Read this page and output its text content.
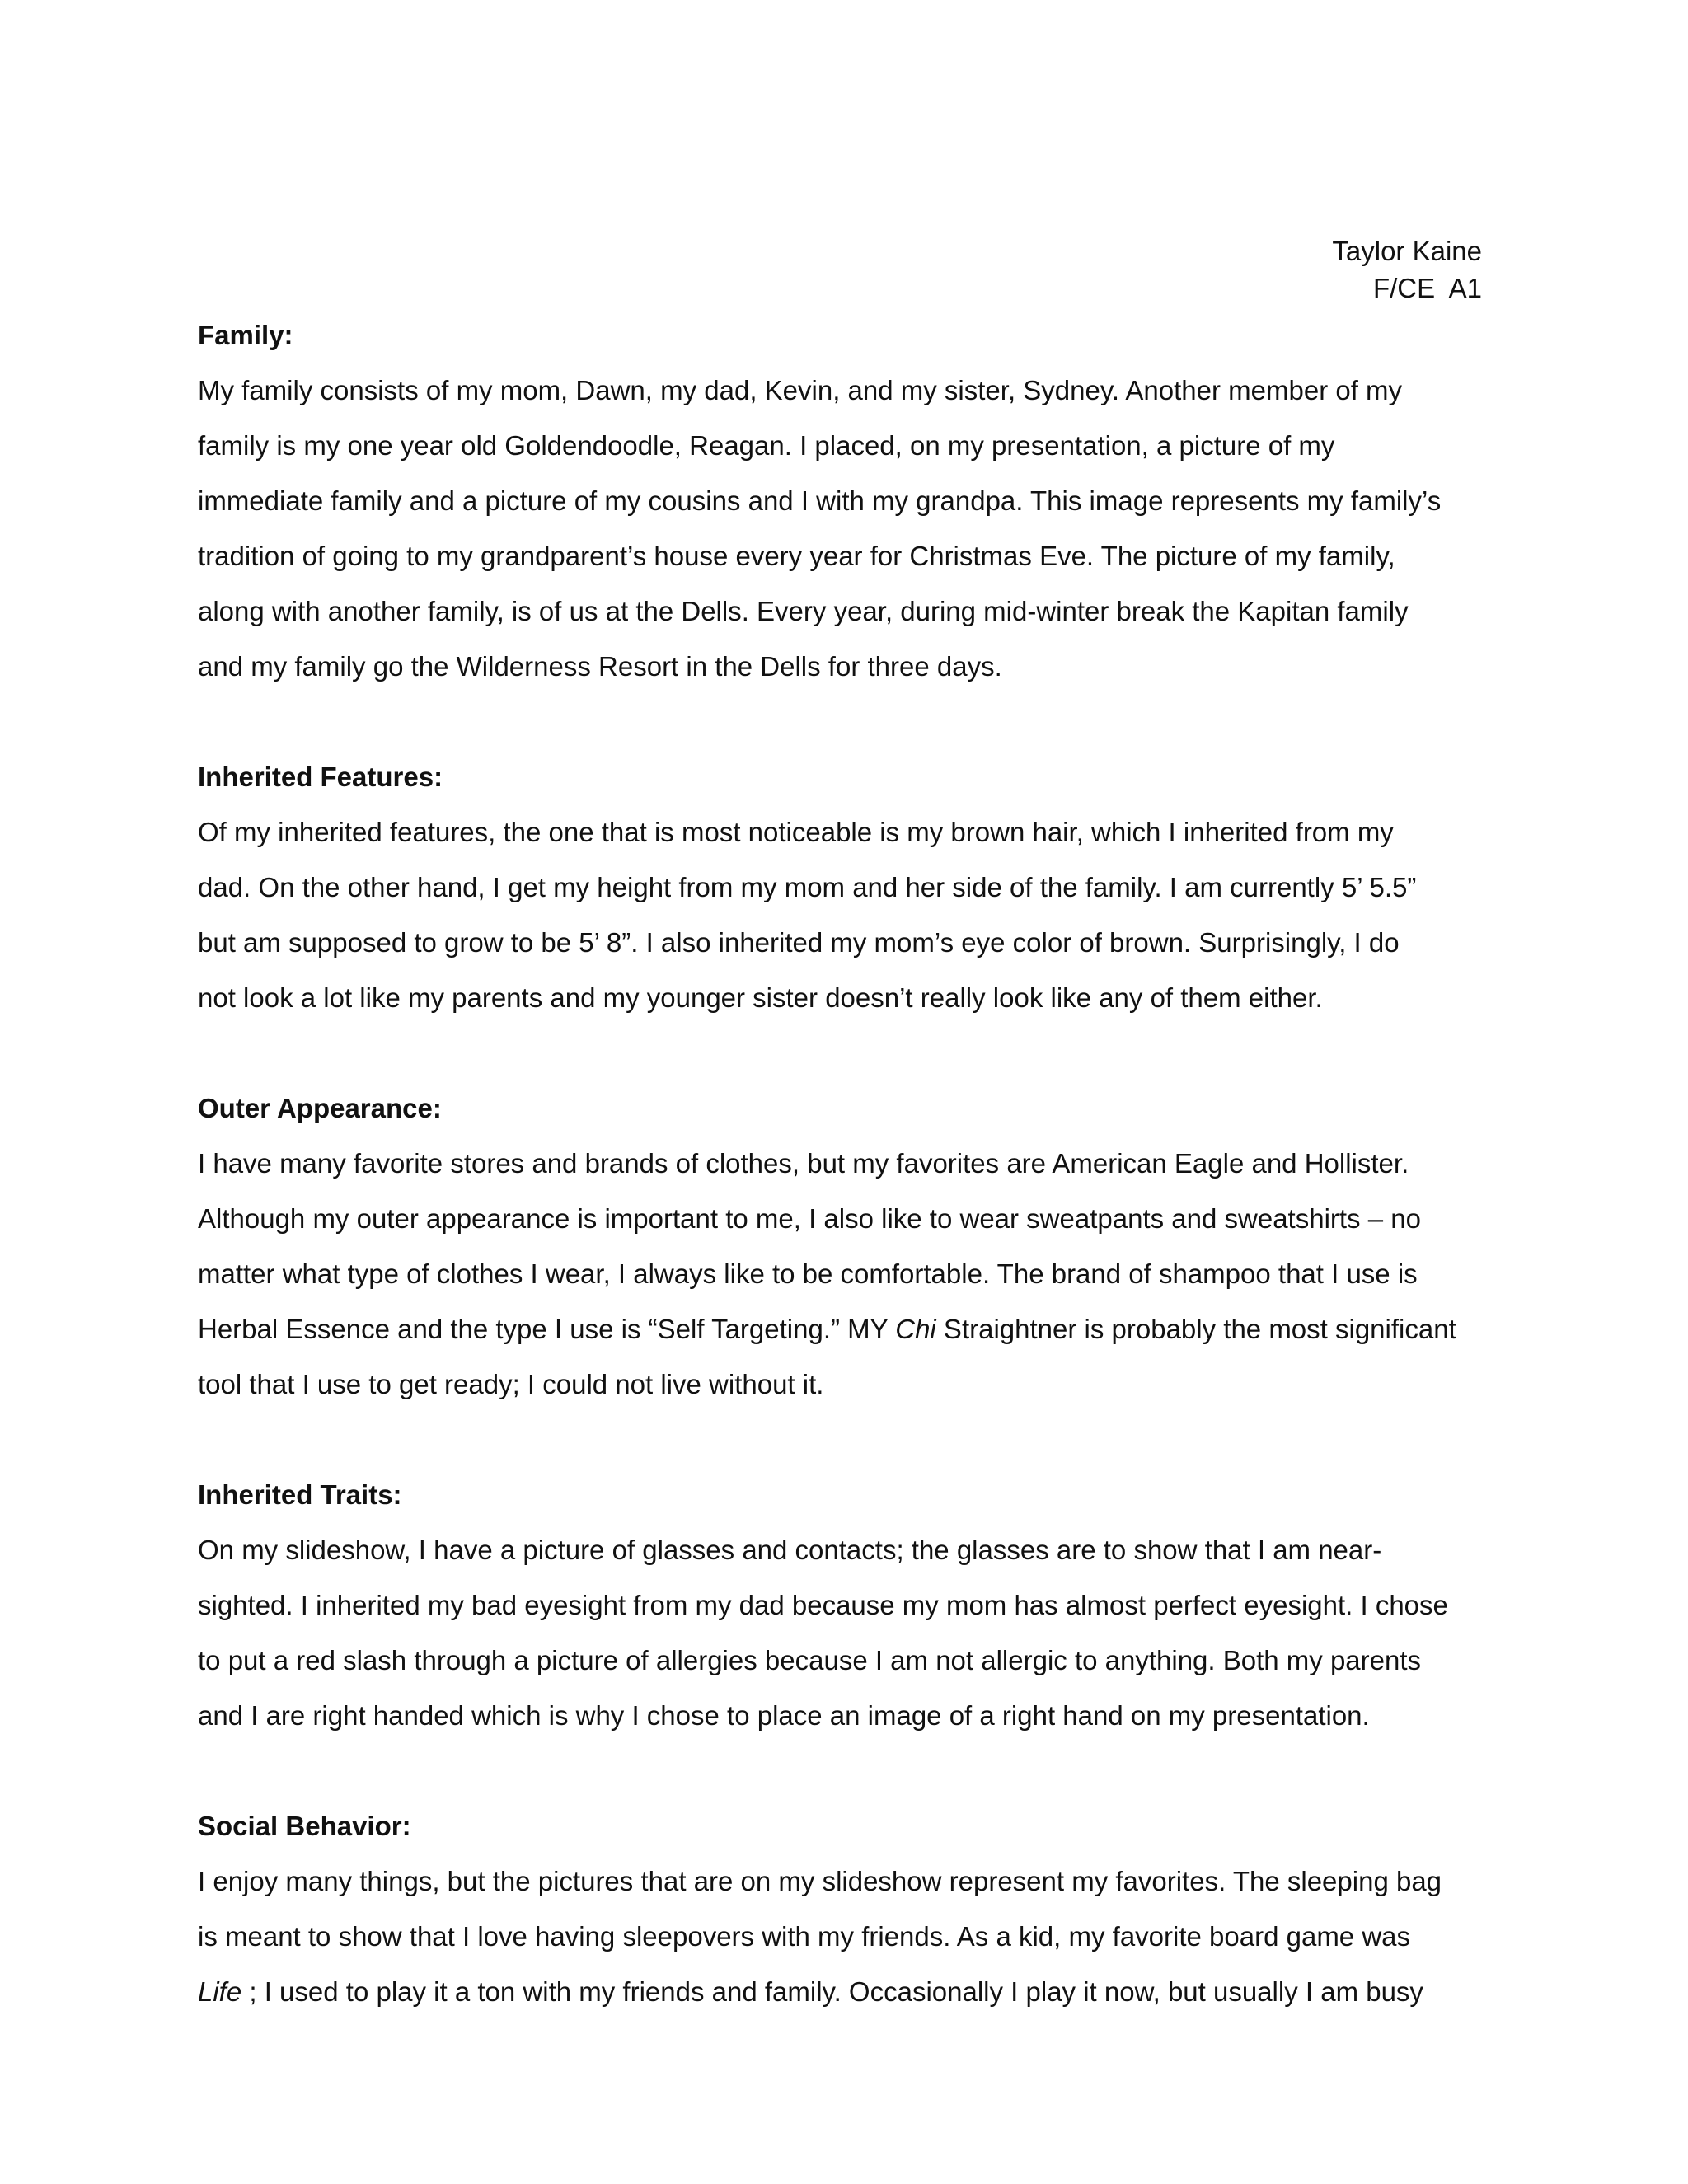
Taylor Kaine
F/CE  A1

Family:

My family consists of my mom, Dawn, my dad, Kevin, and my sister, Sydney. Another member of my

family is my one year old Goldendoodle, Reagan. I placed, on my presentation, a picture of my

immediate family and a picture of my cousins and I with my grandpa. This image represents my family’s

tradition of going to my grandparent’s house every year for Christmas Eve. The picture of my family,

along with another family, is of us at the Dells. Every year, during mid-winter break the Kapitan family

and my family go the Wilderness Resort in the Dells for three days.

Inherited Features:

Of my inherited features, the one that is most noticeable is my brown hair, which I inherited from my

dad. On the other hand, I get my height from my mom and her side of the family. I am currently 5’ 5.5”

but am supposed to grow to be 5’ 8”. I also inherited my mom’s eye color of brown. Surprisingly, I do

not look a lot like my parents and my younger sister doesn’t really look like any of them either.

Outer Appearance:

I have many favorite stores and brands of clothes, but my favorites are American Eagle and Hollister.

Although my outer appearance is important to me, I also like to wear sweatpants and sweatshirts – no

matter what type of clothes I wear, I always like to be comfortable. The brand of shampoo that I use is

Herbal Essence and the type I use is “Self Targeting.” MY Chi Straightner is probably the most significant

tool that I use to get ready; I could not live without it.

Inherited Traits:

On my slideshow, I have a picture of glasses and contacts; the glasses are to show that I am near-

sighted. I inherited my bad eyesight from my dad because my mom has almost perfect eyesight. I chose

to put a red slash through a picture of allergies because I am not allergic to anything. Both my parents

and I are right handed which is why I chose to place an image of a right hand on my presentation.

Social Behavior:

I enjoy many things, but the pictures that are on my slideshow represent my favorites. The sleeping bag

is meant to show that I love having sleepovers with my friends. As a kid, my favorite board game was

Life ; I used to play it a ton with my friends and family. Occasionally I play it now, but usually I am busy
